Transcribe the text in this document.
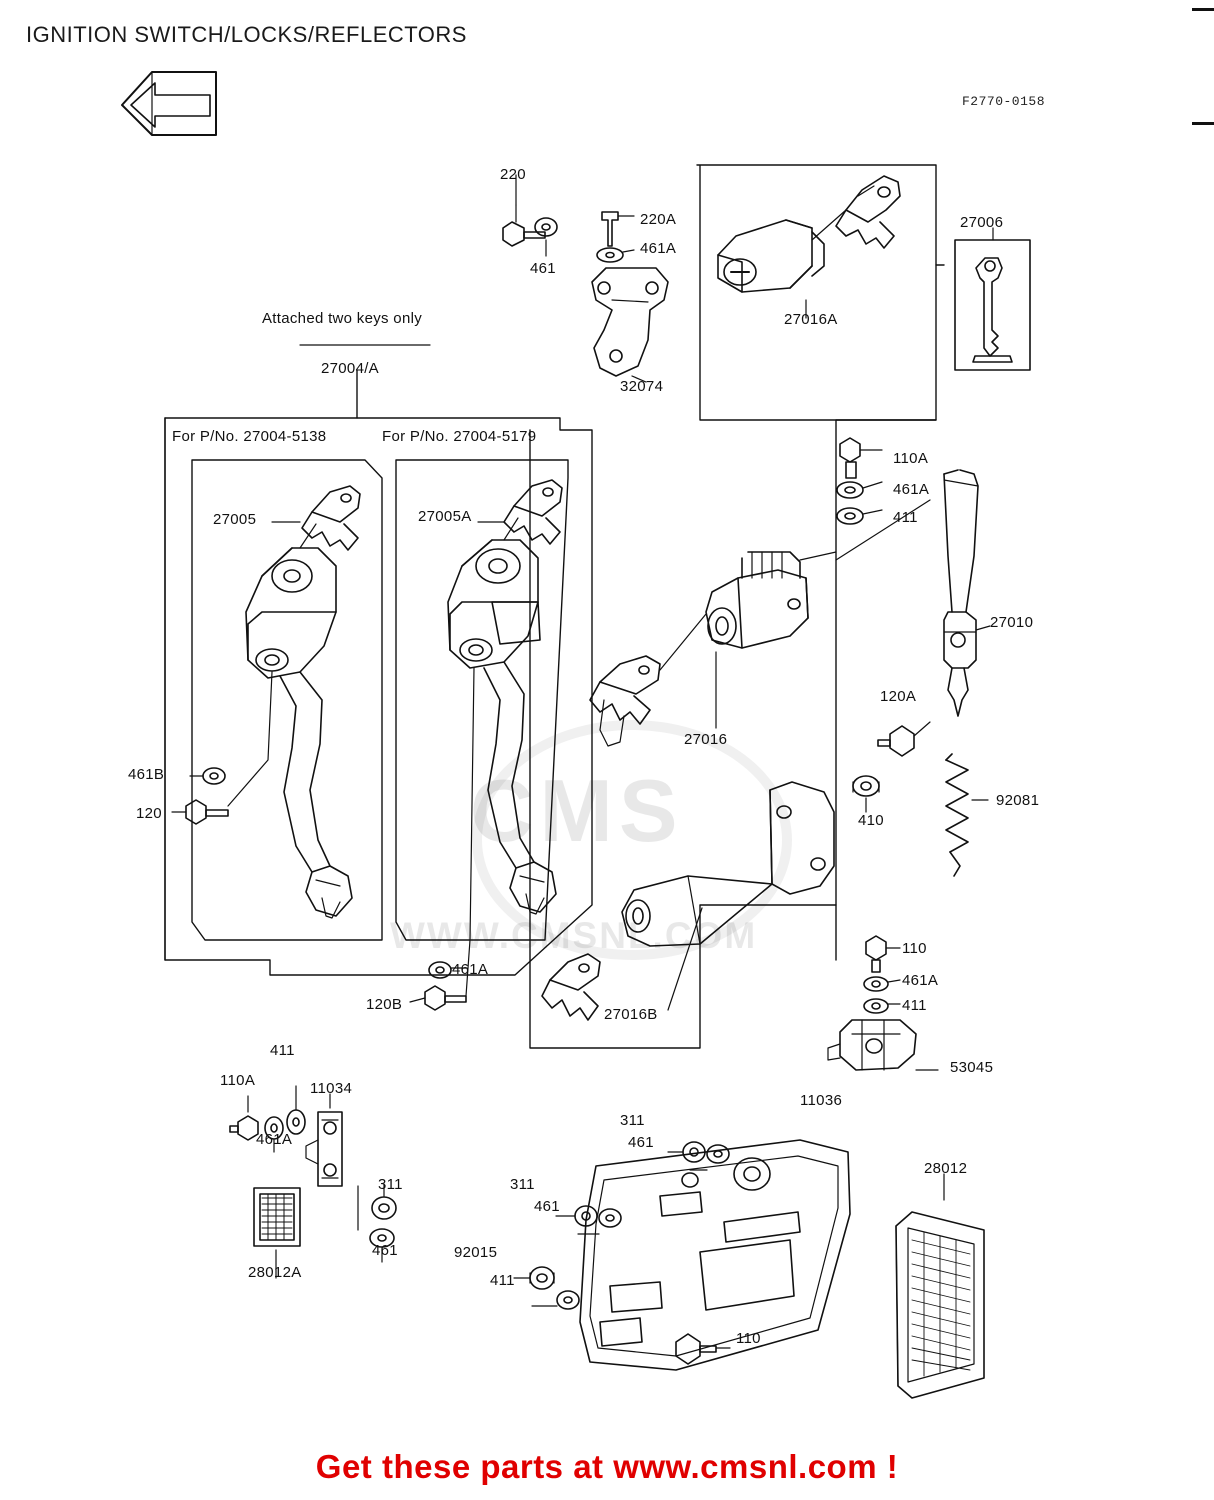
IGNITION SWITCH/LOCKS/REFLECTORS
F2770-0158
CMS
WWW.CMSNL.COM
Attached two keys only
For P/No. 27004-5138	For P/No. 27004-5179
220
220A
461A
461
27016A
27006
32074
27004/A
110A
461A
411
27005	27005A
27010
27016
120A
410
92081
461B
120
120B
461A
27016B
110
461A
411
53045
411
110A	11034
461A
311
461
28012A
311
461
311
461
92015
411
11036
28012
110
Get these parts at www.cmsnl.com !
